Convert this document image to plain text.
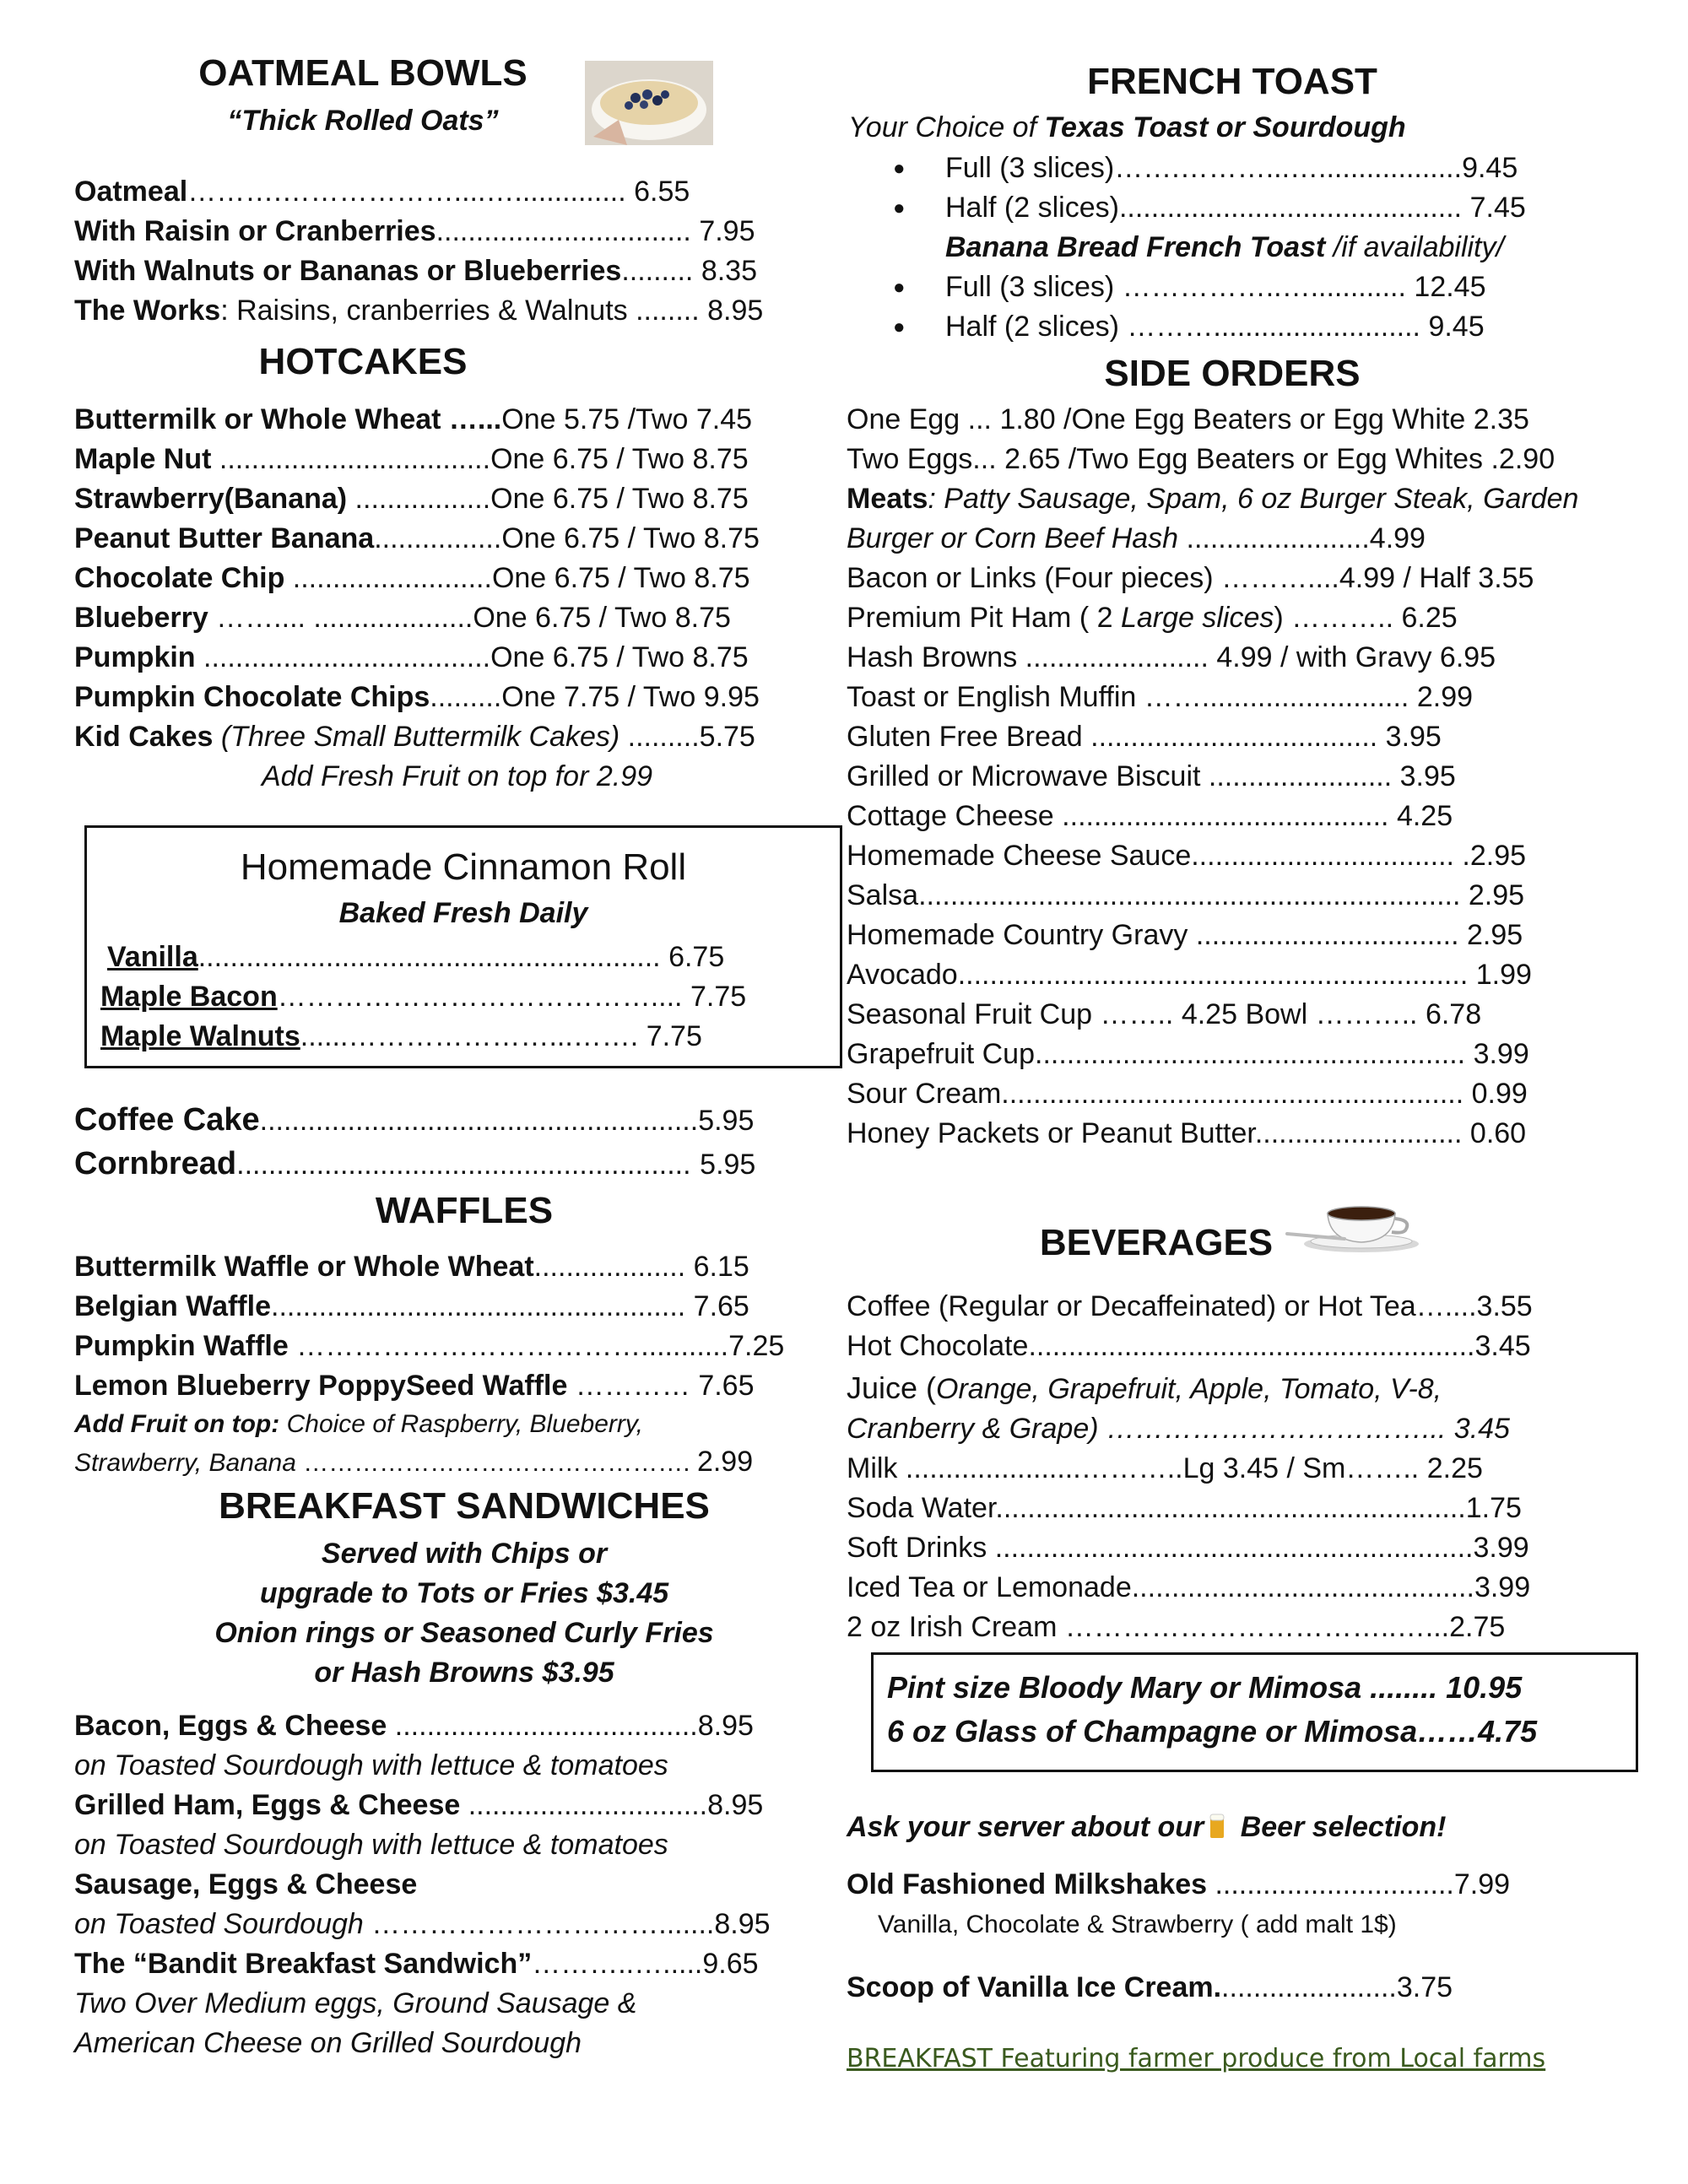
OATMEAL BOWLS
“Thick Rolled Oats”
Oatmeal……….………………....….............. 6.55
With Raisin or Cranberries................................ 7.95
With Walnuts or Bananas or Blueberries......... 8.35
The Works: Raisins, cranberries & Walnuts ........ 8.95
HOTCAKES
Buttermilk or Whole Wheat …...One 5.75 /Two 7.45
Maple Nut ..................................One 6.75 / Two 8.75
Strawberry(Banana) .................One 6.75 / Two 8.75
Peanut Butter Banana................One 6.75 / Two 8.75
Chocolate Chip .........................One 6.75 / Two 8.75
Blueberry …….... ....................One 6.75 / Two 8.75
Pumpkin ....................................One 6.75 / Two 8.75
Pumpkin Chocolate Chips.........One 7.75 / Two 9.95
Kid Cakes (Three Small Buttermilk Cakes) .........5.75
Add Fresh Fruit on top for 2.99
Homemade Cinnamon Roll
Baked Fresh Daily
Vanilla.......................................................... 6.75
Maple Bacon………………………………….... 7.75
Maple Walnuts......…………………...……. 7.75
Coffee Cake.......................................................5.95
Cornbread......................................................... 5.95
WAFFLES
Buttermilk Waffle or Whole Wheat................... 6.15
Belgian Waffle.................................................... 7.65
Pumpkin Waffle ………………………………...........7.25
Lemon Blueberry PoppySeed Waffle ………… 7.65
Add Fruit on top: Choice of Raspberry, Blueberry,
Strawberry, Banana ………………………………………. 2.99
BREAKFAST SANDWICHES
Served with Chips or
upgrade to Tots or Fries $3.45
Onion rings or Seasoned Curly Fries
or Hash Browns $3.95
Bacon, Eggs & Cheese ......................................8.95
on Toasted Sourdough with lettuce & tomatoes
Grilled Ham, Eggs & Cheese ..............................8.95
on Toasted Sourdough with lettuce & tomatoes
Sausage, Eggs & Cheese
on Toasted Sourdough ………………………….......8.95
The “Bandit Breakfast Sandwich”………..….....9.65
Two Over Medium eggs, Ground Sausage &
American Cheese on Grilled Sourdough
FRENCH TOAST
Your Choice of Texas Toast or Sourdough
● Full (3 slices)…….………...…..................9.45
● Half (2 slices)........................................... 7.45
Banana Bread French Toast /if availability/
● Full (3 slices) ……………..…............ 12.45
● Half (2 slices) ……….......................... 9.45
SIDE ORDERS
One Egg ... 1.80 /One Egg Beaters or Egg White 2.35
Two Eggs... 2.65 /Two Egg Beaters or Egg Whites .2.90
Meats: Patty Sausage, Spam, 6 oz Burger Steak, Garden
Burger or Corn Beef Hash .......................4.99
Bacon or Links (Four pieces) ………....4.99 / Half 3.55
Premium Pit Ham ( 2 Large slices) ……….. 6.25
Hash Browns ....................... 4.99 / with Gravy 6.95
Toast or English Muffin …….......................... 2.99
Gluten Free Bread .................................... 3.95
Grilled or Microwave Biscuit ....................... 3.95
Cottage Cheese ......................................... 4.25
Homemade Cheese Sauce................................. .2.95
Salsa.................................................................... 2.95
Homemade Country Gravy ................................. 2.95
Avocado................................................................ 1.99
Seasonal Fruit Cup …….. 4.25 Bowl ……….. 6.78
Grapefruit Cup...................................................... 3.99
Sour Cream.......................................................... 0.99
Honey Packets or Peanut Butter.......................... 0.60
BEVERAGES
Coffee (Regular or Decaffeinated) or Hot Tea…....3.55
Hot Chocolate........................................................3.45
Juice (Orange, Grapefruit, Apple, Tomato, V-8,
Cranberry & Grape) ……………………………... 3.45
Milk ......................………..Lg 3.45 / Sm…….. 2.25
Soda Water...........................................................1.75
Soft Drinks ............................................................3.99
Iced Tea or Lemonade...........................................3.99
2 oz Irish Cream ……………………………..…...2.75
Pint size Bloody Mary or Mimosa ........ 10.95
6 oz Glass of Champagne or Mimosa……4.75
Ask your server about our Beer selection!
Old Fashioned Milkshakes ..............................7.99
Vanilla, Chocolate & Strawberry ( add malt 1$)
Scoop of Vanilla Ice Cream.......................3.75
BREAKFAST Featuring farmer produce from Local farms
